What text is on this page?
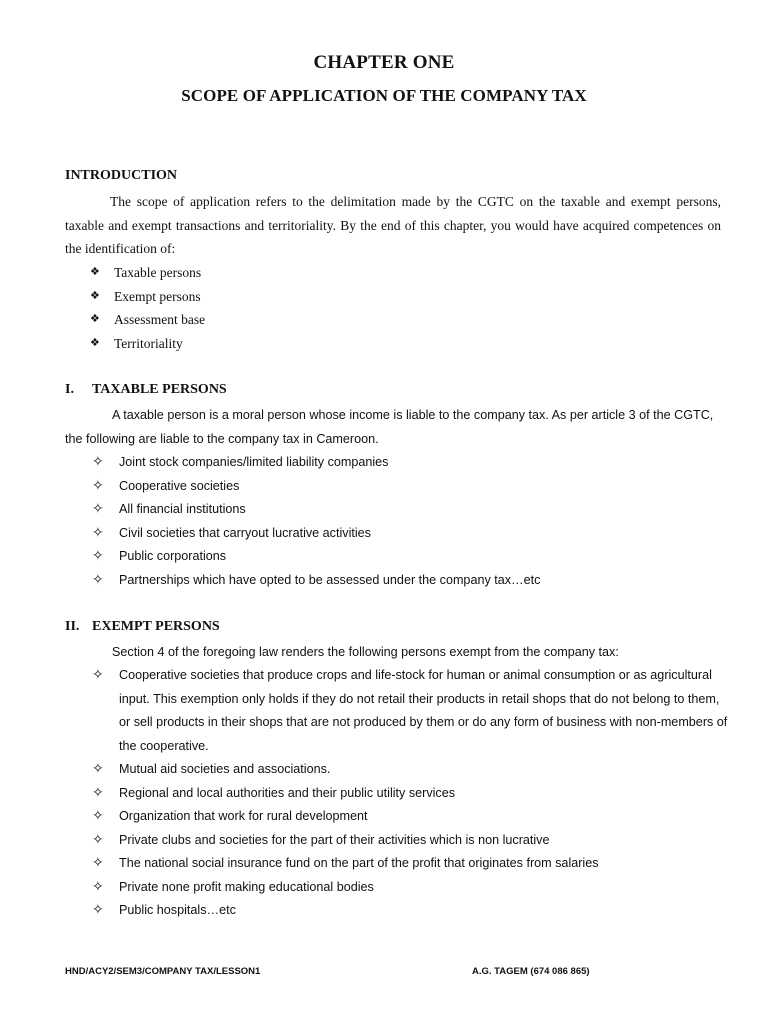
CHAPTER ONE
SCOPE OF APPLICATION OF THE COMPANY TAX
INTRODUCTION

The scope of application refers to the delimitation made by the CGTC on the taxable and exempt persons, taxable and exempt transactions and territoriality. By the end of this chapter, you would have acquired competences on the identification of:

❖ Taxable persons
❖ Exempt persons
❖ Assessment base
❖ Territoriality
I. TAXABLE PERSONS

A taxable person is a moral person whose income is liable to the company tax. As per article 3 of the CGTC, the following are liable to the company tax in Cameroon.

✧ Joint stock companies/limited liability companies
✧ Cooperative societies
✧ All financial institutions
✧ Civil societies that carryout lucrative activities
✧ Public corporations
✧ Partnerships which have opted to be assessed under the company tax…etc
II. EXEMPT PERSONS

Section 4 of the foregoing law renders the following persons exempt from the company tax:

✧ Cooperative societies that produce crops and life-stock for human or animal consumption or as agricultural input. This exemption only holds if they do not retail their products in retail shops that do not belong to them, or sell products in their shops that are not produced by them or do any form of business with non-members of the cooperative.
✧ Mutual aid societies and associations.
✧ Regional and local authorities and their public utility services
✧ Organization that work for rural development
✧ Private clubs and societies for the part of their activities which is non lucrative
✧ The national social insurance fund on the part of the profit that originates from salaries
✧ Private none profit making educational bodies
✧ Public hospitals…etc
HND/ACY2/SEM3/COMPANY TAX/LESSON1	A.G. TAGEM (674 086 865)
